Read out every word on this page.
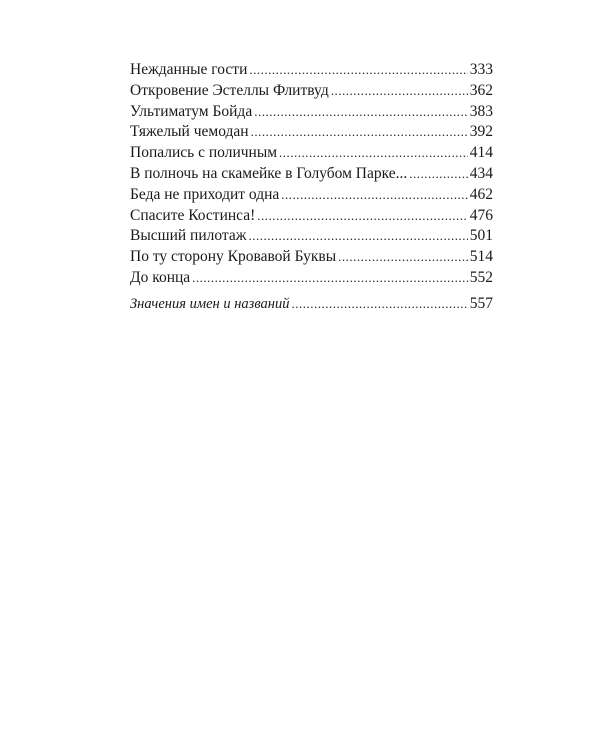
Нежданные гости .....	333
Откровение Эстеллы Флитвуд .....	362
Ультиматум Бойда .....	383
Тяжелый чемодан .....	392
Попались с поличным .....	414
В полночь на скамейке в Голубом Парке... .....	434
Беда не приходит одна .....	462
Спасите Костинса! .....	476
Высший пилотаж .....	501
По ту сторону Кровавой Буквы .....	514
До конца .....	552
Значения имен и названий .....	557
